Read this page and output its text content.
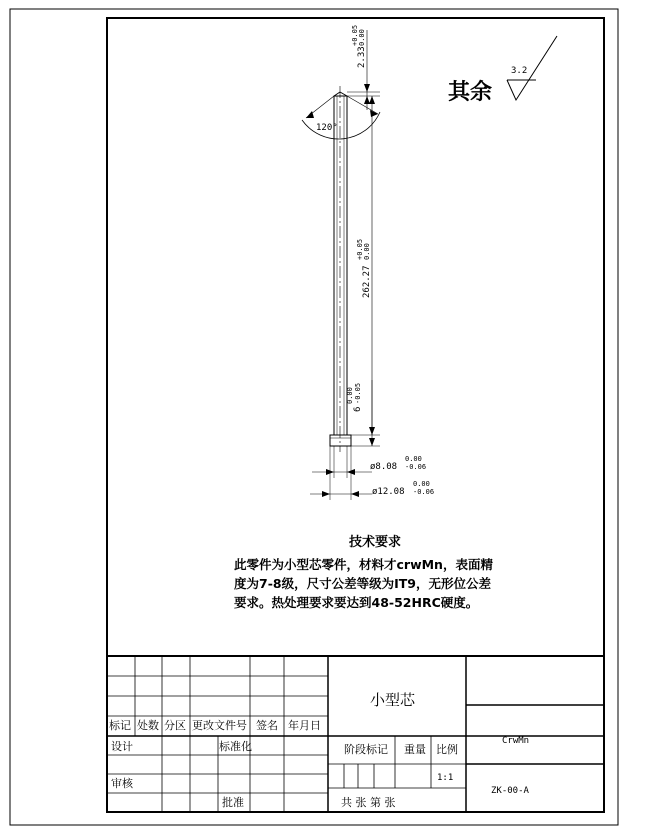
2.33
+0.05 0.00
120°
262.27
+0.05 0.00
6
0.00 -0.05
ø8.08
0.00
-0.06
ø12.08
0.00
-0.06
其余
3.2
技术要求
此零件为小型芯零件，材料才crwMn，表面精
度为7-8级，尺寸公差等级为IT9，无形位公差
要求。热处理要求要达到48-52HRC硬度。
标记 处数 分区 更改文件号 签名 年月日
设计	标准化
审核
批准
阶段标记 重量 比例
共 张 第 张
小型芯
CrwMn
ZK-00-A
1:1
